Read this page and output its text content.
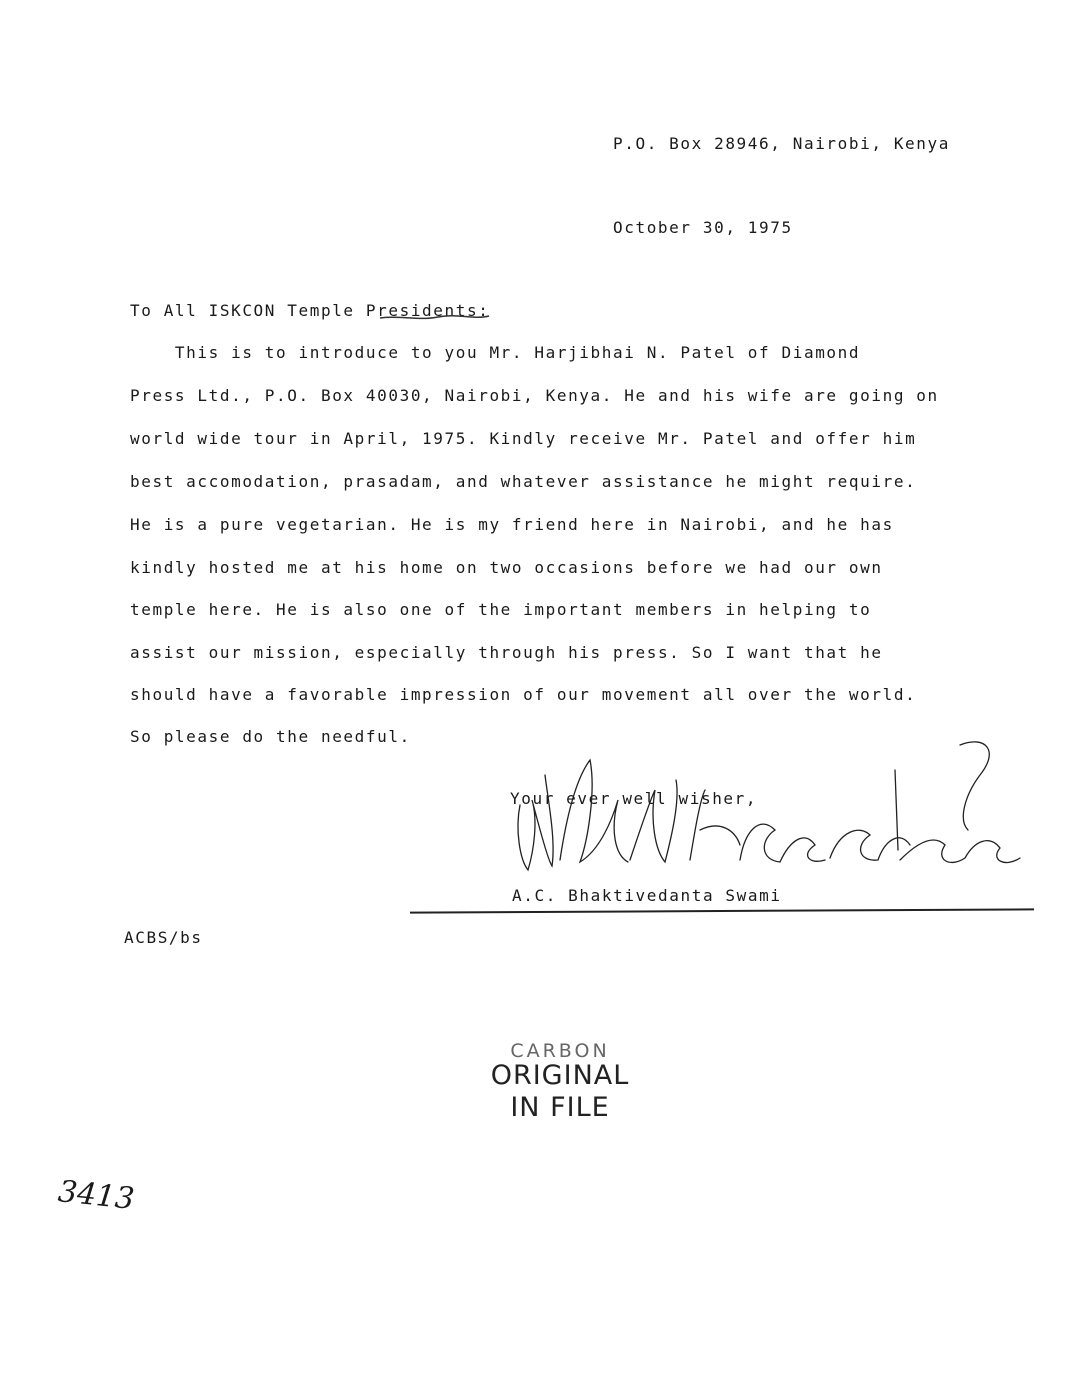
P.O. Box 28946, Nairobi, Kenya
October 30, 1975
To All ISKCON Temple Presidents:
This is to introduce to you Mr. Harjibhai N. Patel of Diamond
Press Ltd., P.O. Box 40030, Nairobi, Kenya. He and his wife are going on
world wide tour in April, 1975. Kindly receive Mr. Patel and offer him
best accomodation, prasadam, and whatever assistance he might require.
He is a pure vegetarian. He is my friend here in Nairobi, and he has
kindly hosted me at his home on two occasions before we had our own
temple here. He is also one of the important members in helping to
assist our mission, especially through his press. So I want that he
should have a favorable impression of our movement all over the world.
So please do the needful.
Your ever well wisher,
A.C. Bhaktivedanta Swami
ACBS/bs
CARBON
ORIGINAL
IN FILE
3413
